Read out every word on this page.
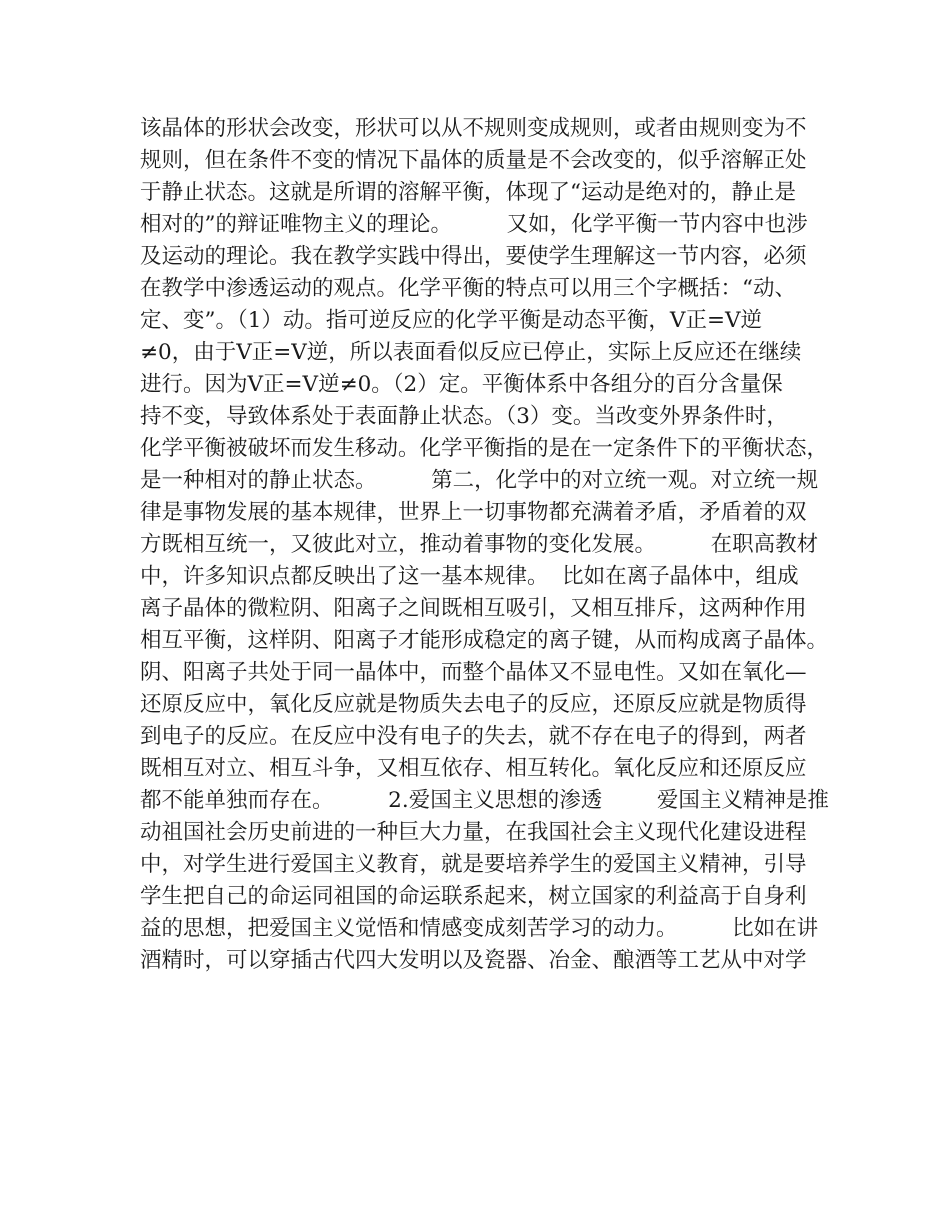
该晶体的形状会改变，形状可以从不规则变成规则，或者由规则变为不
规则，但在条件不变的情况下晶体的质量是不会改变的，似乎溶解正处
于静止状态。这就是所谓的溶解平衡，体现了“运动是绝对的，静止是
相对的”的辩证唯物主义的理论。        又如，化学平衡一节内容中也涉
及运动的理论。我在教学实践中得出，要使学生理解这一节内容，必须
在教学中渗透运动的观点。化学平衡的特点可以用三个字概括：“动、
定、变”。（1）动。指可逆反应的化学平衡是动态平衡，V正=V逆
≠0，由于V正=V逆，所以表面看似反应已停止，实际上反应还在继续
进行。因为V正=V逆≠0。（2）定。平衡体系中各组分的百分含量保
持不变，导致体系处于表面静止状态。（3）变。当改变外界条件时，
化学平衡被破坏而发生移动。化学平衡指的是在一定条件下的平衡状态，
是一种相对的静止状态。        第二，化学中的对立统一观。对立统一规
律是事物发展的基本规律，世界上一切事物都充满着矛盾，矛盾着的双
方既相互统一，又彼此对立，推动着事物的变化发展。        在职高教材
中，许多知识点都反映出了这一基本规律。  比如在离子晶体中，组成
离子晶体的微粒阴、阳离子之间既相互吸引，又相互排斥，这两种作用
相互平衡，这样阴、阳离子才能形成稳定的离子键，从而构成离子晶体。
阴、阳离子共处于同一晶体中，而整个晶体又不显电性。又如在氧化—
还原反应中，氧化反应就是物质失去电子的反应，还原反应就是物质得
到电子的反应。在反应中没有电子的失去，就不存在电子的得到，两者
既相互对立、相互斗争，又相互依存、相互转化。氧化反应和还原反应
都不能单独而存在。        2.爱国主义思想的渗透        爱国主义精神是推
动祖国社会历史前进的一种巨大力量，在我国社会主义现代化建设进程
中，对学生进行爱国主义教育，就是要培养学生的爱国主义精神，引导
学生把自己的命运同祖国的命运联系起来，树立国家的利益高于自身利
益的思想，把爱国主义觉悟和情感变成刻苦学习的动力。        比如在讲
酒精时，可以穿插古代四大发明以及瓷器、冶金、酿酒等工艺从中对学
